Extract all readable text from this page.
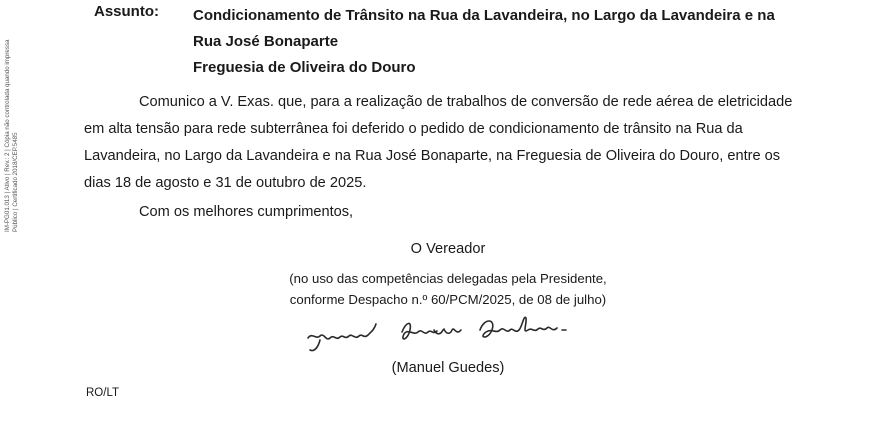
IM-PG01.013 | Ativo | Rev.: 2 | Cópia não controlada quando impressa Público | Certificado 2018/CEP.5485
Assunto: Condicionamento de Trânsito na Rua da Lavandeira, no Largo da Lavandeira e na
Rua José Bonaparte
Freguesia de Oliveira do Douro
Comunico a V. Exas. que, para a realização de trabalhos de conversão de rede aérea de eletricidade
em alta tensão para rede subterrânea foi deferido o pedido de condicionamento de trânsito na Rua da
Lavandeira, no Largo da Lavandeira e na Rua José Bonaparte, na Freguesia de Oliveira do Douro, entre os
dias 18 de agosto e 31 de outubro de 2025.
Com os melhores cumprimentos,
O Vereador
(no uso das competências delegadas pela Presidente,
conforme Despacho n.º 60/PCM/2025, de 08 de julho)
(Manuel Guedes)
RO/LT
